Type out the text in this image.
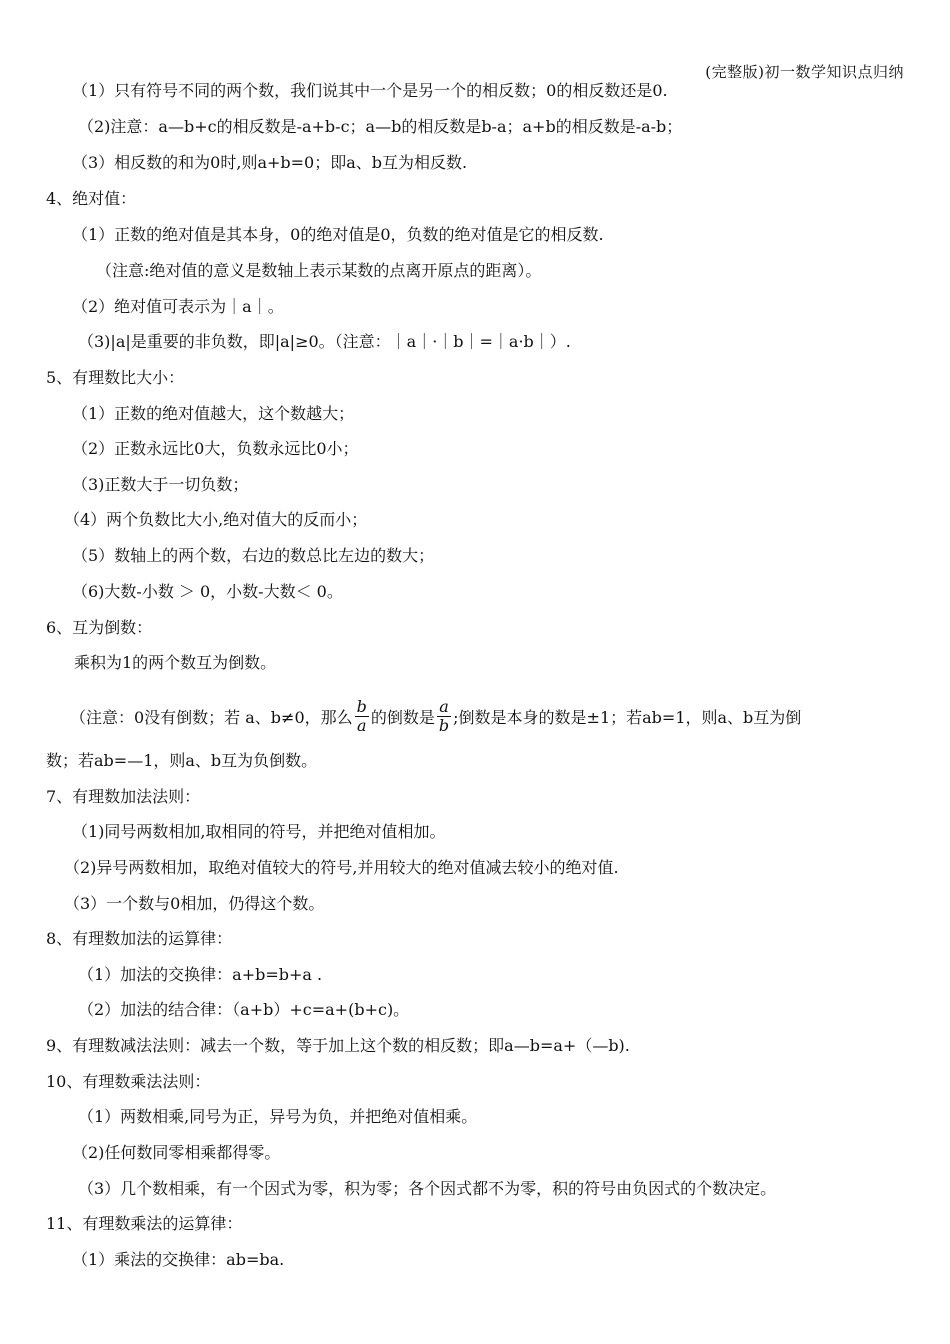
(完整版)初一数学知识点归纳
（1）只有符号不同的两个数，我们说其中一个是另一个的相反数；0的相反数还是0.
（2)注意：a—b+c的相反数是-a+b-c；a—b的相反数是b-a；a+b的相反数是-a-b；
（3）相反数的和为0时,则a+b=0；即a、b互为相反数.
4、绝对值：
（1）正数的绝对值是其本身，0的绝对值是0，负数的绝对值是它的相反数.
（注意:绝对值的意义是数轴上表示某数的点离开原点的距离）。
（2）绝对值可表示为｜a｜。
（3)|a|是重要的非负数，即|a|≥0。（注意：｜a｜·｜b｜=｜a·b｜）.
5、有理数比大小：
（1）正数的绝对值越大，这个数越大；
（2）正数永远比0大，负数永远比0小；
（3)正数大于一切负数；
（4）两个负数比大小,绝对值大的反而小；
（5）数轴上的两个数，右边的数总比左边的数大；
（6)大数-小数 ＞ 0，小数-大数＜ 0。
6、互为倒数：
乘积为1的两个数互为倒数。
（注意：0没有倒数；若 a、b≠0，那么 $\frac{b}{a}$ 的倒数是 $\frac{a}{b}$ ;倒数是本身的数是±1；若ab=1，则a、b互为倒
数；若ab=—1，则a、b互为负倒数。
7、有理数加法法则：
（1)同号两数相加,取相同的符号，并把绝对值相加。
（2)异号两数相加，取绝对值较大的符号,并用较大的绝对值减去较小的绝对值.
（3）一个数与0相加，仍得这个数。
8、有理数加法的运算律：
（1）加法的交换律：a+b=b+a .
（2）加法的结合律：（a+b）+c=a+(b+c)。
9、有理数减法法则：减去一个数，等于加上这个数的相反数；即a—b=a+（—b).
10、有理数乘法法则：
（1）两数相乘,同号为正，异号为负，并把绝对值相乘。
（2)任何数同零相乘都得零。
（3）几个数相乘，有一个因式为零，积为零；各个因式都不为零，积的符号由负因式的个数决定。
11、有理数乘法的运算律：
（1）乘法的交换律：ab=ba.
